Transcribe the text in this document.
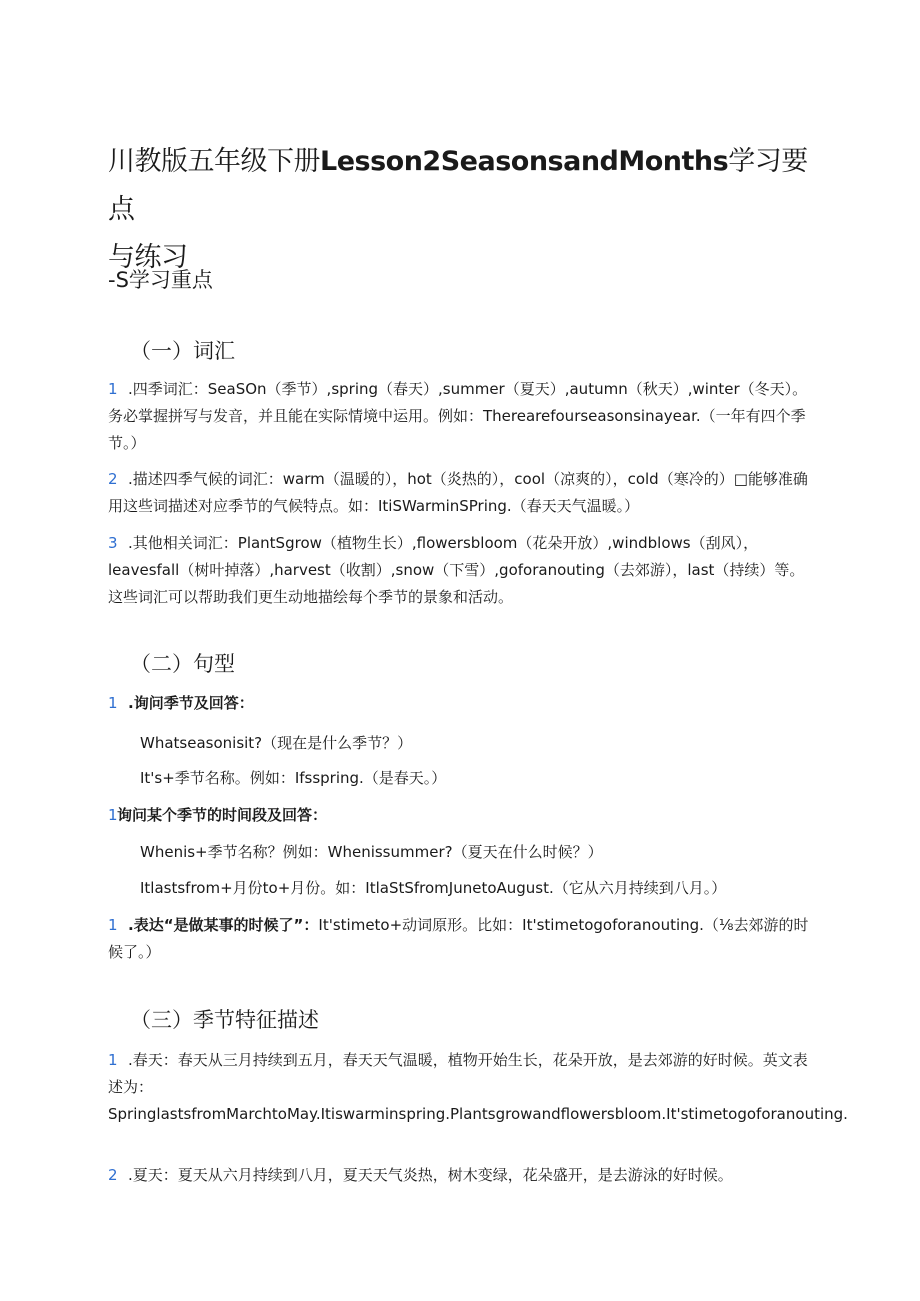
川教版五年级下册Lesson2SeasonsandMonths学习要点
与练习
-S学习重点
（一）词汇
1 .四季词汇：SeaSOn（季节）,spring（春天）,summer（夏天）,autumn（秋天）,winter（冬天）。务必掌握拼写与发音，并且能在实际情境中运用。例如：Therearefourseasonsinayear.（一年有四个季节。）
2 .描述四季气候的词汇：warm（温暖的），hot（炎热的），cool（凉爽的），cold（寒冷的）□能够准确用这些词描述对应季节的气候特点。如：ItiSWarminSPring.（春天天气温暖。）
3 .其他相关词汇：PlantSgrow（植物生长）,flowersbloom（花朵开放）,windblows（刮风），leavesfall（树叶掉落）,harvest（收割）,snow（下雪）,goforanouting（去郊游），last（持续）等。这些词汇可以帮助我们更生动地描绘每个季节的景象和活动。
（二）句型
1 .询问季节及回答：
Whatseasonisit?（现在是什么季节？）
It's+季节名称。例如：Ifsspring.（是春天。）
1询问某个季节的时间段及回答：
Whenis+季节名称？例如：Whenissummer?（夏天在什么时候？）
Itlastsfrom+月份to+月份。如：ItlaStSfromJunetoAugust.（它从六月持续到八月。）
1 .表达“是做某事的时候了”：It'stimeto+动词原形。比如：It'stimetogoforanouting.（⅛去郊游的时候了。）
（三）季节特征描述
1 .春天：春天从三月持续到五月，春天天气温暖，植物开始生长，花朵开放，是去郊游的好时候。英文表述为：SpringlastsfromMarchtoMay.Itiswarminspring.Plantsgrowandflowersbloom.It'stimetogoforanouting.
2 .夏天：夏天从六月持续到八月，夏天天气炎热，树木变绿，花朵盛开，是去游泳的好时候。
